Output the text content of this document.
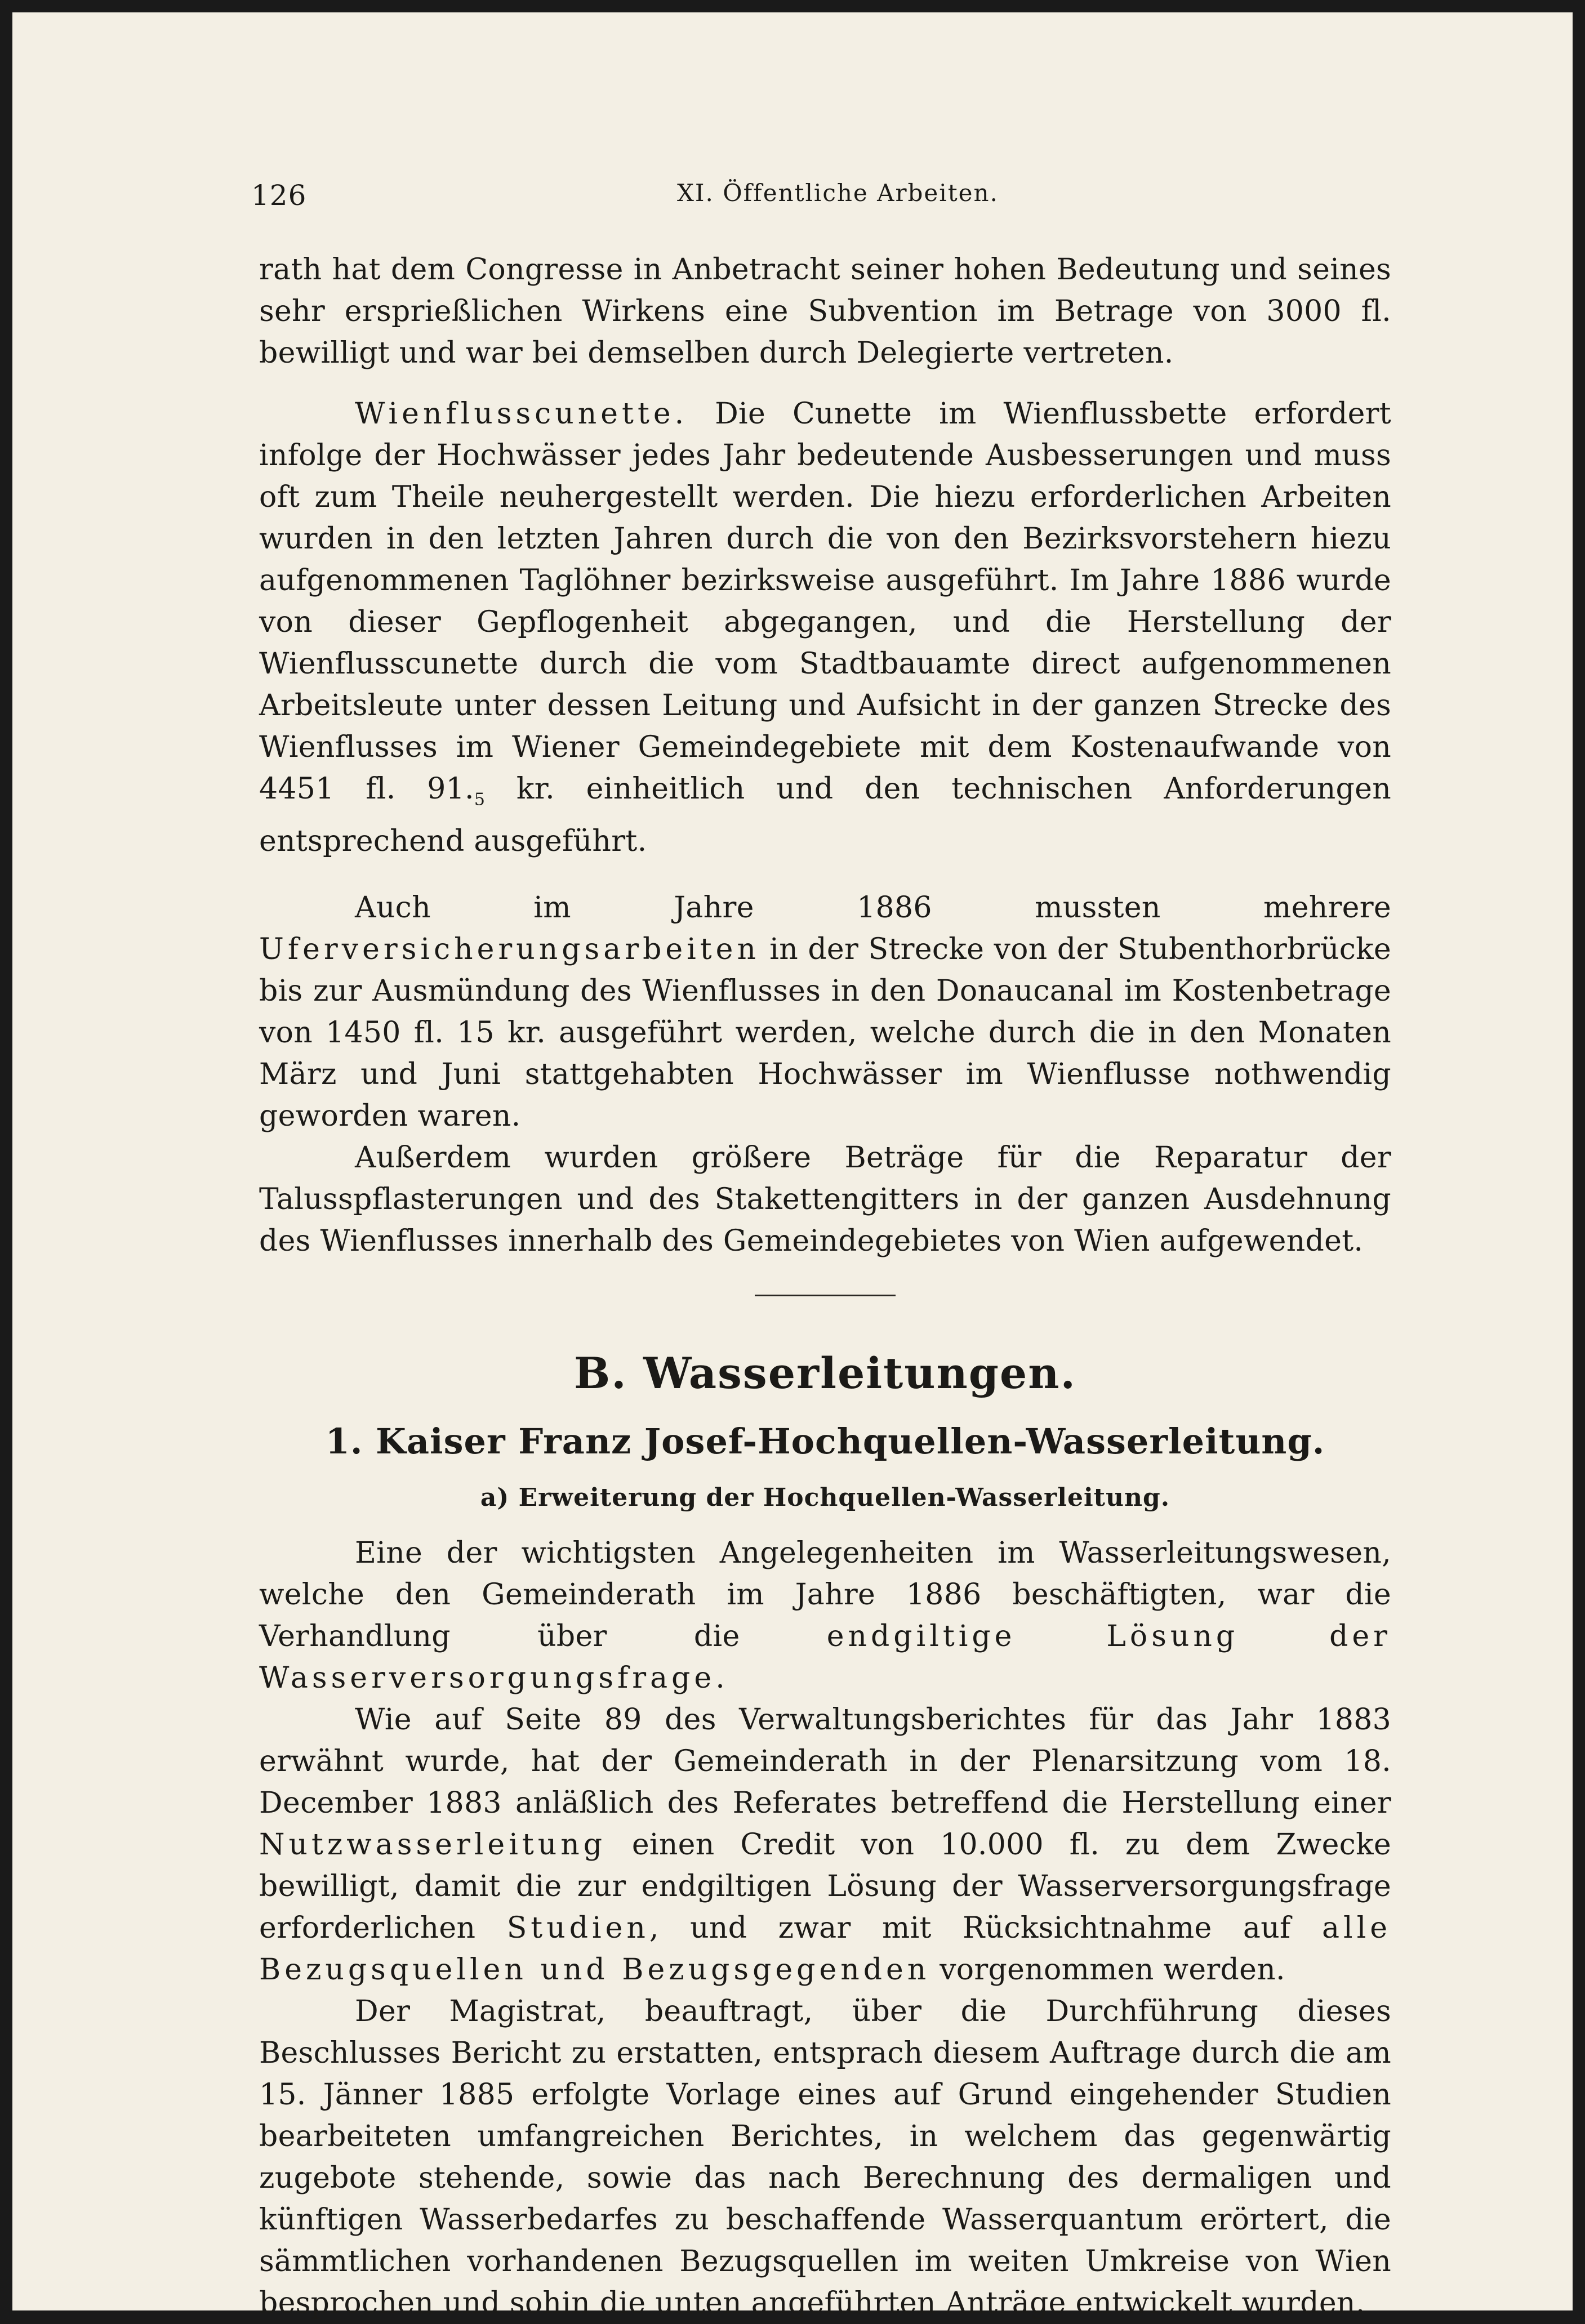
126	XI. Öffentliche Arbeiten.

rath hat dem Congresse in Anbetracht seiner hohen Bedeutung und seines sehr ersprießlichen Wirkens eine Subvention im Betrage von 3000 fl. bewilligt und war bei demselben durch Delegierte vertreten.

Wienflusscunette. Die Cunette im Wienflussbette erfordert infolge der Hochwässer jedes Jahr bedeutende Ausbesserungen und muss oft zum Theile neuhergestellt werden. Die hiezu erforderlichen Arbeiten wurden in den letzten Jahren durch die von den Bezirksvorstehern hiezu aufgenommenen Taglöhner bezirksweise ausgeführt. Im Jahre 1886 wurde von dieser Gepflogenheit abgegangen, und die Herstellung der Wienflusscunette durch die vom Stadtbauamte direct aufgenommenen Arbeitsleute unter dessen Leitung und Aufsicht in der ganzen Strecke des Wienflusses im Wiener Gemeindegebiete mit dem Kostenaufwande von 4451 fl. $91._5$ kr. einheitlich und den technischen Anforderungen entsprechend ausgeführt.

Auch im Jahre 1886 mussten mehrere Uferversicherungsarbeiten in der Strecke von der Stubenthorbrücke bis zur Ausmündung des Wienflusses in den Donaucanal im Kostenbetrage von 1450 fl. 15 kr. ausgeführt werden, welche durch die in den Monaten März und Juni stattgehabten Hochwässer im Wienflusse nothwendig geworden waren.

Außerdem wurden größere Beträge für die Reparatur der Talusspflasterungen und des Stakettengitters in der ganzen Ausdehnung des Wienflusses innerhalb des Gemeindegebietes von Wien aufgewendet.

B. Wasserleitungen.
1. Kaiser Franz Josef-Hochquellen-Wasserleitung.
a) Erweiterung der Hochquellen-Wasserleitung.

Eine der wichtigsten Angelegenheiten im Wasserleitungswesen, welche den Gemeinderath im Jahre 1886 beschäftigten, war die Verhandlung über die endgiltige Lösung der Wasserversorgungsfrage.

Wie auf Seite 89 des Verwaltungsberichtes für das Jahr 1883 erwähnt wurde, hat der Gemeinderath in der Plenarsitzung vom 18. December 1883 anläßlich des Referates betreffend die Herstellung einer Nutzwasserleitung einen Credit von 10.000 fl. zu dem Zwecke bewilligt, damit die zur endgiltigen Lösung der Wasserversorgungsfrage erforderlichen Studien, und zwar mit Rücksichtnahme auf alle Bezugsquellen und Bezugsgegenden vorgenommen werden.

Der Magistrat, beauftragt, über die Durchführung dieses Beschlusses Bericht zu erstatten, entsprach diesem Auftrage durch die am 15. Jänner 1885 erfolgte Vorlage eines auf Grund eingehender Studien bearbeiteten umfangreichen Berichtes, in welchem das gegenwärtig zugebote stehende, sowie das nach Berechnung des dermaligen und künftigen Wasserbedarfes zu beschaffende Wasserquantum erörtert, die sämmtlichen vorhandenen Bezugsquellen im weiten Umkreise von Wien besprochen und sohin die unten angeführten Anträge entwickelt wurden.
